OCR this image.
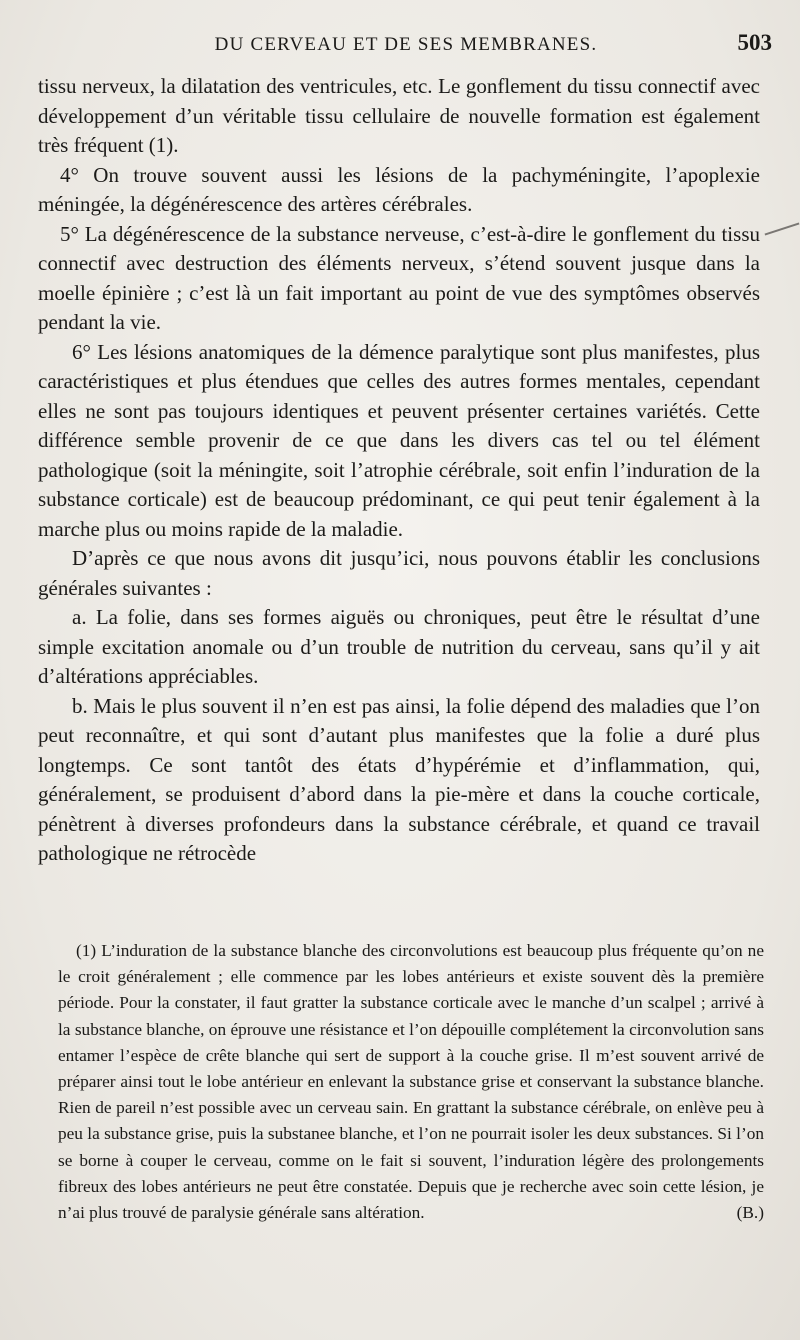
DU CERVEAU ET DE SES MEMBRANES.	503

tissu nerveux, la dilatation des ventricules, etc. Le gonflement du tissu connectif avec développement d’un véritable tissu cellulaire de nouvelle formation est également très fréquent (1).

4° On trouve souvent aussi les lésions de la pachyméningite, l’apoplexie méningée, la dégénérescence des artères cérébrales.

5° La dégénérescence de la substance nerveuse, c’est-à-dire le gonflement du tissu connectif avec destruction des éléments nerveux, s’étend souvent jusque dans la moelle épinière ; c’est là un fait important au point de vue des symptômes observés pendant la vie.

6° Les lésions anatomiques de la démence paralytique sont plus manifestes, plus caractéristiques et plus étendues que celles des autres formes mentales, cependant elles ne sont pas toujours identiques et peuvent présenter certaines variétés. Cette différence semble provenir de ce que dans les divers cas tel ou tel élément pathologique (soit la méningite, soit l’atrophie cérébrale, soit enfin l’induration de la substance corticale) est de beaucoup prédominant, ce qui peut tenir également à la marche plus ou moins rapide de la maladie.

D’après ce que nous avons dit jusqu’ici, nous pouvons établir les conclusions générales suivantes :

a. La folie, dans ses formes aiguës ou chroniques, peut être le résultat d’une simple excitation anomale ou d’un trouble de nutrition du cerveau, sans qu’il y ait d’altérations appréciables.

b. Mais le plus souvent il n’en est pas ainsi, la folie dépend des maladies que l’on peut reconnaître, et qui sont d’autant plus manifestes que la folie a duré plus longtemps. Ce sont tantôt des états d’hypérémie et d’inflammation, qui, généralement, se produisent d’abord dans la pie-mère et dans la couche corticale, pénètrent à diverses profondeurs dans la substance cérébrale, et quand ce travail pathologique ne rétrocède

(1) L’induration de la substance blanche des circonvolutions est beaucoup plus fréquente qu’on ne le croit généralement ; elle commence par les lobes antérieurs et existe souvent dès la première période. Pour la constater, il faut gratter la substance corticale avec le manche d’un scalpel ; arrivé à la substance blanche, on éprouve une résistance et l’on dépouille complétement la circonvolution sans entamer l’espèce de crête blanche qui sert de support à la couche grise. Il m’est souvent arrivé de préparer ainsi tout le lobe antérieur en enlevant la substance grise et conservant la substance blanche. Rien de pareil n’est possible avec un cerveau sain. En grattant la substance cérébrale, on enlève peu à peu la substance grise, puis la substanee blanche, et l’on ne pourrait isoler les deux substances. Si l’on se borne à couper le cerveau, comme on le fait si souvent, l’induration légère des prolongements fibreux des lobes antérieurs ne peut être constatée. Depuis que je recherche avec soin cette lésion, je n’ai plus trouvé de paralysie générale sans altération.	(B.)
